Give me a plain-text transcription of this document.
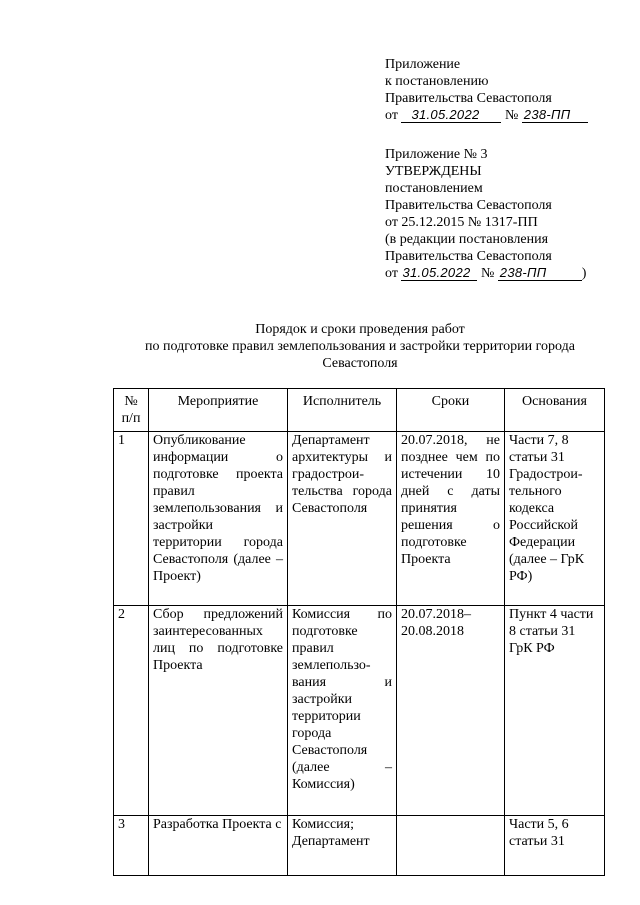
Приложение
к постановлению
Правительства Севастополя
от 31.05.2022 № 238-ПП
Приложение № 3
УТВЕРЖДЕНЫ
постановлением
Правительства Севастополя
от 25.12.2015 № 1317-ПП
(в редакции постановления
Правительства Севастополя
от 31.05.2022 № 238-ПП	)
Порядок и сроки проведения работ
по подготовке правил землепользования и застройки территории города
Севастополя
№ п/п	Мероприятие	Исполнитель	Сроки	Основания
1	Опубликование информации о подготовке проекта правил землепользования и застройки территории города Севастополя (далее – Проект)	Департамент архитектуры и градострои-тельства города Севастополя	20.07.2018, не позднее чем по истечении 10 дней с даты принятия решения о подготовке Проекта	Части 7, 8 статьи 31 Градострои-тельного кодекса Российской Федерации (далее – ГрК РФ)
2	Сбор предложений заинтересованных лиц по подготовке Проекта	Комиссия по подготовке правил землепользо-вания и застройки территории города Севастополя (далее – Комиссия)	20.07.2018– 20.08.2018	Пункт 4 части 8 статьи 31 ГрК РФ
3	Разработка Проекта с	Комиссия; Департамент		Части 5, 6 статьи 31
